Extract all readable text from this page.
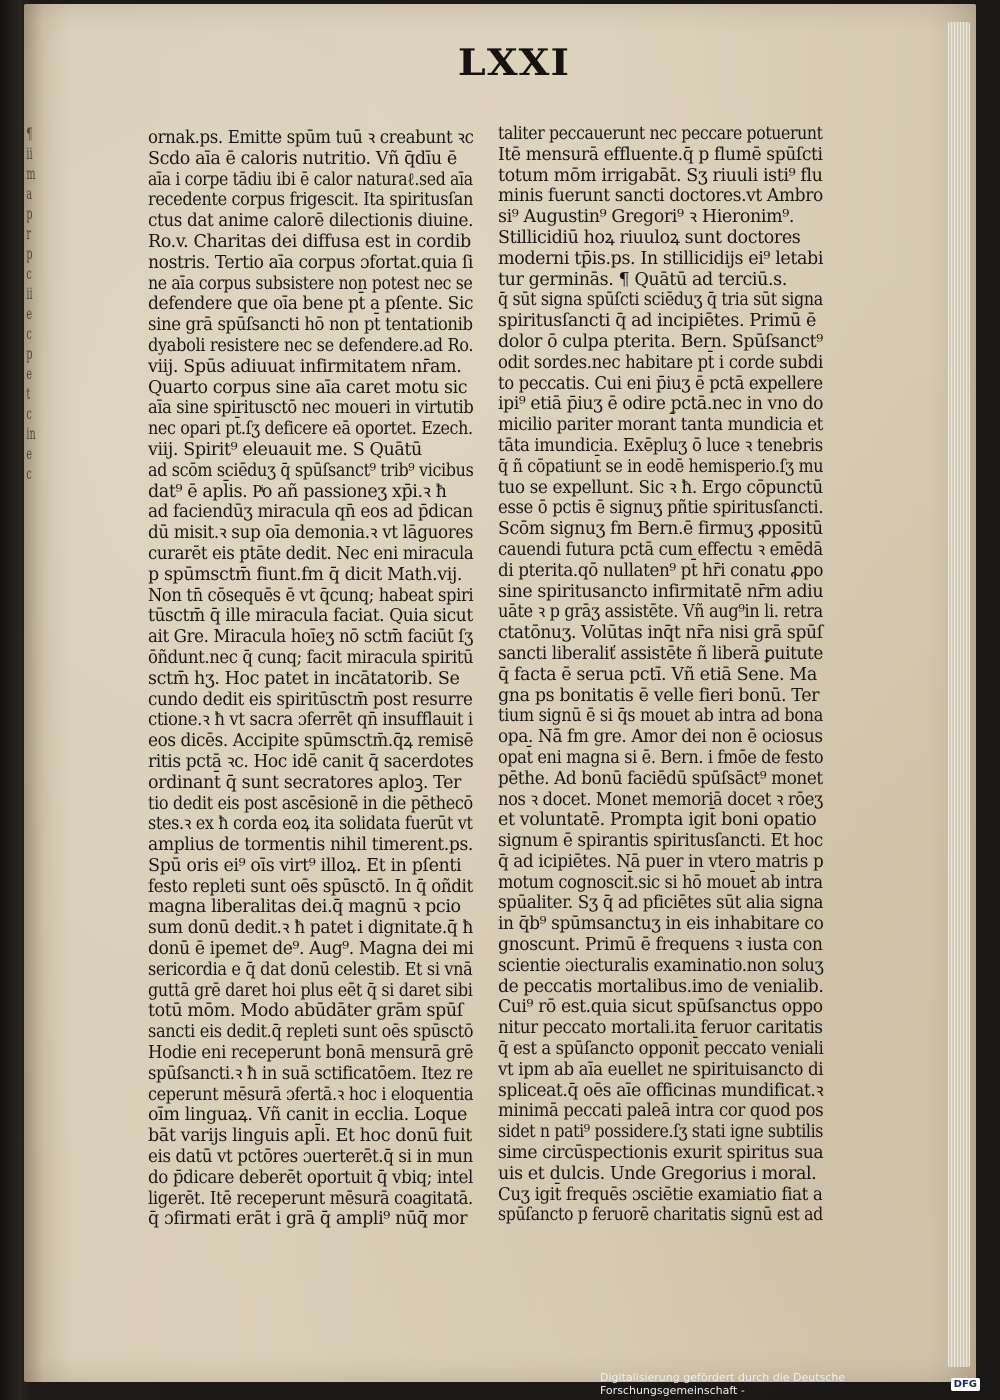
¶
ii
m
a
p
r
p
c
ii
e
c
p
e
t
c
in
e
c
LXXI
ornak.ps. Emitte spūm tuū ꝛ creabunt ꝛc
Scdo aīa ē caloris nutritio. Vñ q̄dīu ē
aīa i corpe tādiu ibi ē calor naturaℓ.sed aīa
recedente corpus frigescit. Ita spiritusſan
ctus dat anime calorē dilectionis diuine.
Ro.v. Charitas dei diffusa est in cordib
nostris. Tertio aīa corpus ɔfortat.quia ſi
ne aīa corpus subsistere non potest nec se
defendere que oīa bene pt̄ a pſente. Sic
sine grā spūſsancti hō non pt̄ tentationib
dyaboli resistere nec se defendere.ad Ro.
viij. Spūs adiuuat infirmitatem nr̄am.
Quarto corpus sine aīa caret motu sic
aīa sine spiritusctō nec moueri in virtutib
nec opari pt̄.ſʒ deficere eā oportet. Ezech.
viij. Spirit⁹ eleuauit me. S Quātū
ad scōm sciēduʒ q̄ spūſsanct⁹ trib⁹ vicibus
dat⁹ ē apl̄is. Pͥo añ passioneʒ xp̄i.ꝛ ħ
ad faciendūʒ miracula qn̄ eos ad p̄dican
dū misit.ꝛ sup oīa demonia.ꝛ vt lāguores
curarēt eis ptāte dedit. Nec eni miracula
p spūmsctm̄ fiunt.fm q̄ dicit Math.vij.
Non tn̄ cōsequēs ē vt q̄cunq; habeat spiri
tūsctm̄ q̄ ille miracula faciat. Quia sicut
ait Gre. Miracula hoīeʒ nō sctm̄ faciūt ſʒ
ōñdunt.nec q̄ cunq; facit miracula spiritū
sctm̄ hʒ. Hoc patet in incātatorib. Se
cundo dedit eis spiritūsctm̄ post resurre
ctione.ꝛ ħ vt sacra ɔferrēt qn̄ insufflauit i
eos dicēs. Accipite spūmsctm̄.q̄ꝝ remisē
ritis pctā ꝛc. Hoc idē canit q̄ sacerdotes
ordinant̄ q̄ sunt secratores aploꝫ. Ter
tio dedit eis post ascēsionē in die pēthecō
stes.ꝛ ex ħ corda eoꝝ ita solidata fuerūt vt
amplius de tormentis nihil timerent.ps.
Spū oris ei⁹ oīs virt⁹ illoꝝ. Et in pſenti
festo repleti sunt oēs spūsctō. In q̄ oñdit
magna liberalitas dei.q̄ magnū ꝛ pcio
sum donū dedit.ꝛ ħ patet i dignitate.q̄ ħ
donū ē ipemet de⁹. Aug⁹. Magna dei mi
sericordia e q̄ dat donū celestib. Et si vnā
guttā grē daret hoi plus eēt q̄ si daret sibi
totū mōm. Modo abūdāter grām spūſ
sancti eis dedit.q̄ repleti sunt oēs spūsctō
Hodie eni receperunt bonā mensurā grē
spūſsancti.ꝛ ħ in suā sctificatōem. Itez re
ceperunt mēsurā ɔfertā.ꝛ hoc i eloquentia
oīm linguaꝝ. Vñ canit in ecclia. Loque
bāt varijs linguis apl̄i. Et hoc donū fuit
eis datū vt pctōres ɔuerterēt.q̄ si in mun
do p̄dicare deberēt oportuit q̄ vbiq; intel
ligerēt. Itē receperunt mēsurā coagitatā.
q̄ ɔfirmati erāt i grā q̄ ampli⁹ nūq̄ mor
taliter peccauerunt nec peccare potuerunt
Itē mensurā effluente.q̄ p flumē spūſcti
totum mōm irrigabāt. Sʒ riuuli isti⁹ flu
minis fuerunt sancti doctores.vt Ambro
si⁹ Augustin⁹ Gregori⁹ ꝛ Hieronim⁹.
Stillicidiū hoꝝ riuuloꝝ sunt doctores
moderni tp̄is.ps. In stillicidijs ei⁹ letabi
tur germinās. ¶ Quātū ad terciū.s.
q̄ sūt signa spūſcti sciēduʒ q̄ tria sūt signa
spiritusſancti q̄ ad incipiētes. Primū ē
dolor ō culpa pterita. Bern. Spūſsanct⁹
odit sordes.nec habitare pt̄ i corde subdi
to peccatis. Cui eni p̄iuʒ ē pctā expellere
ipi⁹ etiā p̄iuʒ ē odire pctā.nec in vno do
micilio pariter morant̄ tanta mundicia et
tāta imundicia. Exēpluʒ ō luce ꝛ tenebris
q̄ ñ cōpatiunt̄ se in eodē hemisperio.ſʒ mu
tuo se expellunt. Sic ꝛ ħ. Ergo cōpunctū
esse ō pctis ē signuʒ pñtie spiritusſancti.
Scōm signuʒ fm Bern.ē firmuʒ ꝓpositū
cauendi futura pctā cum effectu ꝛ emēdā
di pterita.qō nullaten⁹ pt̄ hr̄i conatu ꝓpo
sine spiritusancto infirmitatē nr̄m adiu
uāte ꝛ p grāʒ assistēte. Vñ aug⁹in li. retra
ctatōnuʒ. Volūtas inq̄t nr̄a nisi grā spūſ
sancti liberaliť assistēte ñ liberā ꝑuitute
q̄ facta ē serua pctī. Vñ etiā Sene. Ma
gna ps bonitatis ē velle fieri bonū. Ter
tium signū ē si q̄s mouet ab intra ad bona
opa. Nā fm gre. Amor dei non ē ociosus
opat̄ eni magna si ē. Bern. i fmōe de festo
pēthe. Ad bonū faciēdū spūſsāct⁹ monet
nos ꝛ docet. Monet memoriā docet ꝛ rōeʒ
et voluntatē. Prompta igit̄ boni opatio
signum ē spirantis spiritusſancti. Et hoc
q̄ ad icipiētes. Nā puer in vtero matris p
motum cognoscit̄.sic si hō mouet̄ ab intra
spūaliter. Sʒ q̄ ad pficiētes sūt alia signa
in q̄b⁹ spūmsanctuʒ in eis inhabitare co
gnoscunt. Primū ē frequens ꝛ iusta con
scientie ɔiecturalis examinatio.non soluʒ
de peccatis mortalibus.imo de venialib.
Cui⁹ rō est.quia sicut spūſsanctus oppo
nitur peccato mortali.ita feruor caritatis
q̄ est a spūſancto opponit̄ peccato veniali
vt ipm ab aīa euellet ne spirituisancto di
spliceat.q̄ oēs aīe officinas mundificat.ꝛ
minimā peccati paleā intra cor quod pos
sidet n pati⁹ possidere.ſʒ stati igne subtilis
sime circūspectionis exurit spiritus sua
uis et dulcis. Unde Gregorius i moral.
Cuʒ igit̄ frequēs ɔsciētie examiatio fiat a
spūſancto p feruorē charitatis signū est ad
Digitalisierung gefördert durch die Deutsche Forschungsgemeinschaft -	DFG
